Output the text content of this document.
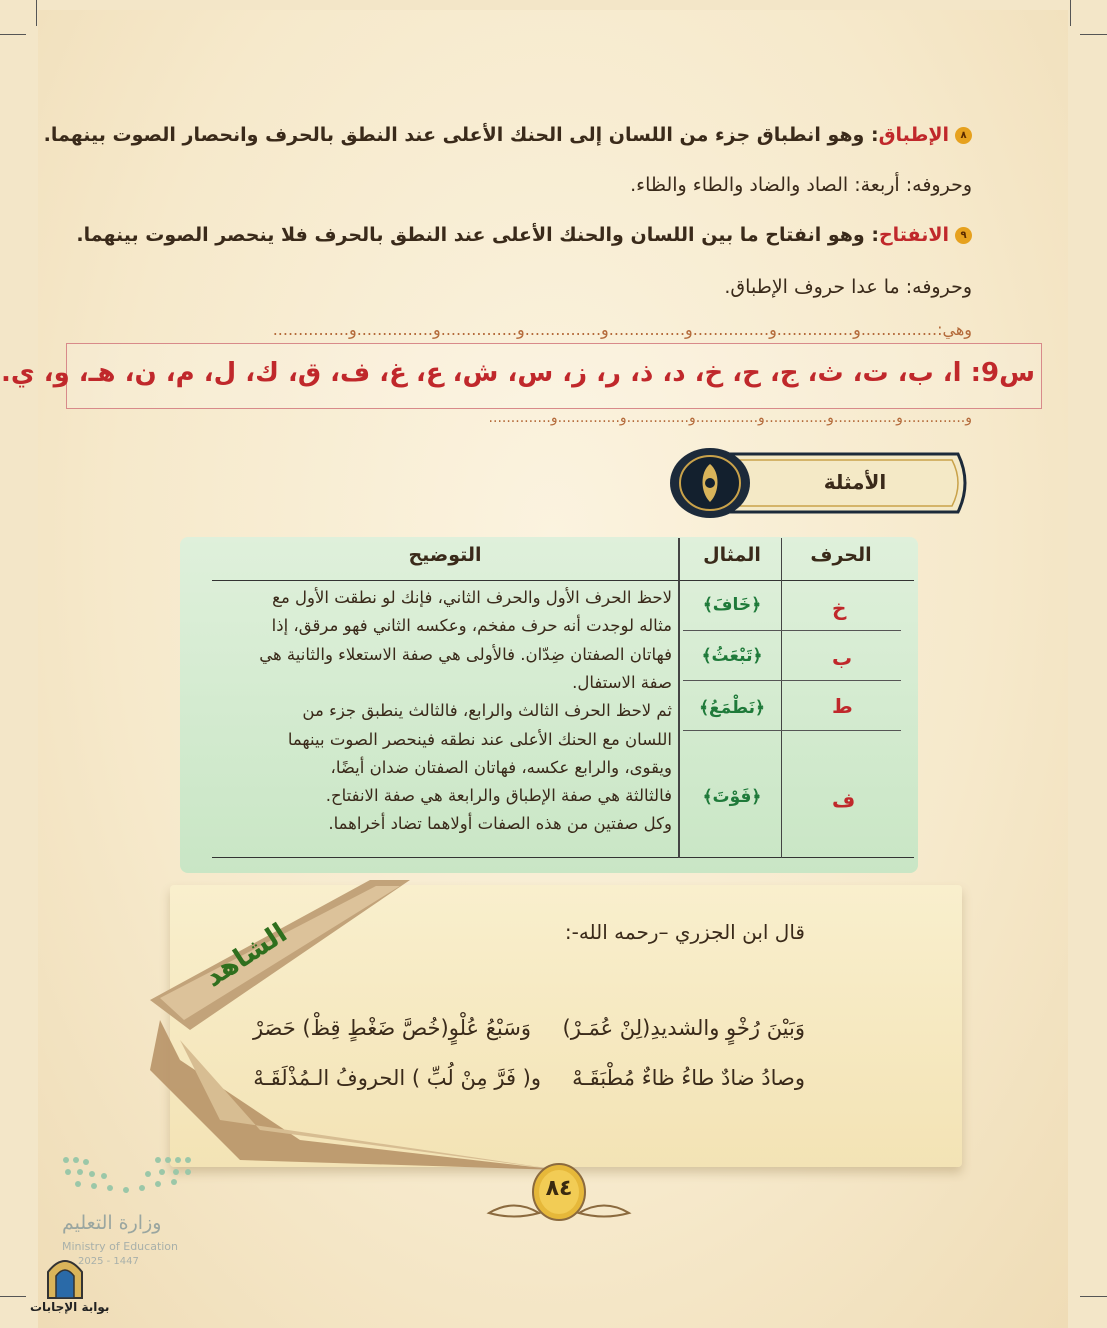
٨الإطباق: وهو انطباق جزء من اللسان إلى الحنك الأعلى عند النطق بالحرف وانحصار الصوت بينهما.
وحروفه: أربعة: الصاد والضاد والطاء والظاء.
٩الانفتاح: وهو انفتاح ما بين اللسان والحنك الأعلى عند النطق بالحرف فلا ينحصر الصوت بينهما.
وحروفه: ما عدا حروف الإطباق.
وهي:...............و...............و...............و...............و...............و...............و...............و...............
س9: ا، ب، ت، ث، ج، ح، خ، د، ذ، ر، ز، س، ش، ع، غ، ف، ق، ك، ل، م، ن، هـ، و، ي.
و..............و..............و..............و..............و..............و..............و..............
الأمثلة
الحرف
المثال
التوضيح
خ
ب
ط
ف
﴿خَافَ﴾
﴿تَبْعَثُ﴾
﴿نَطْمَعُ﴾
﴿فَوْتَ﴾
لاحظ الحرف الأول والحرف الثاني، فإنك لو نطقت الأول مع
مثاله لوجدت أنه حرف مفخم، وعكسه الثاني فهو مرقق، إذا
فهاتان الصفتان ضِدّان. فالأولى هي صفة الاستعلاء والثانية هي
صفة الاستفال.
ثم لاحظ الحرف الثالث والرابع، فالثالث ينطبق جزء من
اللسان مع الحنك الأعلى عند نطقه فينحصر الصوت بينهما
ويقوى، والرابع عكسه، فهاتان الصفتان ضدان أيضًا،
فالثالثة هي صفة الإطباق والرابعة هي صفة الانفتاح.
وكل صفتين من هذه الصفات أولاهما تضاد أخراهما.
الشاهد	قال ابن الجزري –رحمه الله-:
وَبَيْنَ رُخْوٍ والشديدِ(لِنْ عُمَـرْ)
وَسَبْعُ عُلْوٍ(خُصَّ ضَغْطٍ قِظْ) حَصَرْ
وصادُ ضادٌ طاءُ ظاءٌ مُطْبَقَـهْ
و( فَرَّ مِنْ لُبِّ ) الحروفُ الـمُذْلَقَـهْ
٨٤
وزارة التعليم
Ministry of Education
2025 - 1447
بوابة الإجابات
